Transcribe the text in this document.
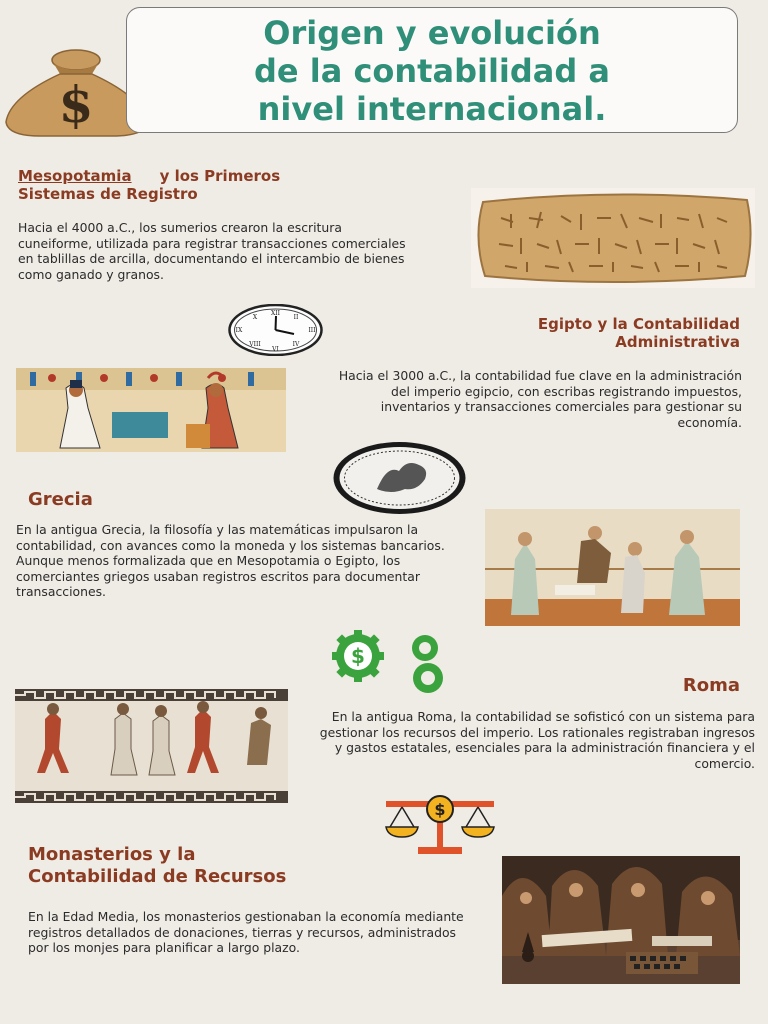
$
Origen y evolución
de la contabilidad a
nivel internacional.
Mesopotamia y los Primeros
Sistemas de Registro

Hacia el 4000 a.C., los sumerios crearon la escritura cuneiforme, utilizada para registrar transacciones comerciales en tablillas de arcilla, documentando el intercambio de bienes como ganado y granos.

XII
VI
IX	III
II
X
IV
VIII
Egipto y la Contabilidad
Administrativa

Hacia el 3000 a.C., la contabilidad fue clave en la administración del imperio egipcio, con escribas registrando impuestos, inventarios y transacciones comerciales para gestionar su economía.

Grecia

En la antigua Grecia, la filosofía y las matemáticas impulsaron la contabilidad, con avances como la moneda y los sistemas bancarios. Aunque menos formalizada que en Mesopotamia o Egipto, los comerciantes griegos usaban registros escritos para documentar transacciones.

$
Roma

En la antigua Roma, la contabilidad se sofisticó con un sistema para gestionar los recursos del imperio. Los rationales registraban ingresos y gastos estatales, esenciales para la administración financiera y el comercio.

$
Monasterios y la
Contabilidad de Recursos

En la Edad Media, los monasterios gestionaban la economía mediante registros detallados de donaciones, tierras y recursos, administrados por los monjes para planificar a largo plazo.
